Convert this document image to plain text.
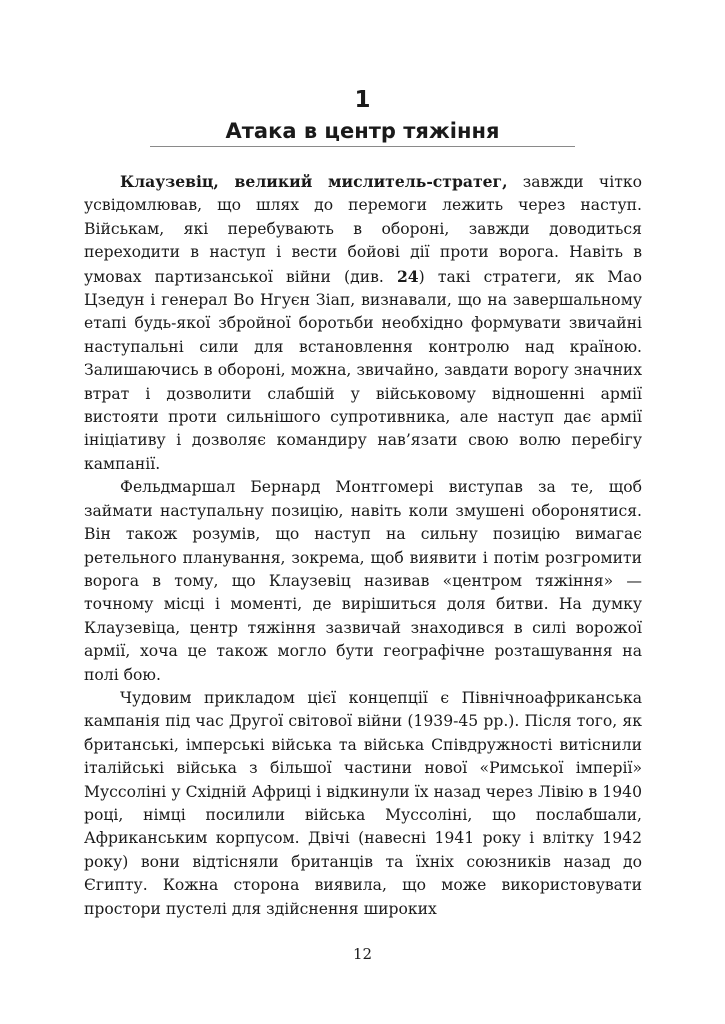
1
Атака в центр тяжіння

Клаузевіц, великий мислитель-стратег, завжди чітко усвідомлював, що шлях до перемоги лежить через наступ. Військам, які перебувають в обороні, завжди доводиться переходити в наступ і вести бойові дії проти ворога. Навіть в умовах партизанської війни (див. 24) такі стратеги, як Мао Цзедун і генерал Во Нгуєн Зіап, визнавали, що на завершальному етапі будь-якої збройної боротьби необхідно формувати звичайні наступальні сили для встановлення контролю над країною. Залишаючись в обороні, можна, звичайно, завдати ворогу значних втрат і дозволити слабшій у військовому відношенні армії вистояти проти сильнішого супротивника, але наступ дає армії ініціативу і дозволяє командиру нав’язати свою волю перебігу кампанії.

Фельдмаршал Бернард Монтгомері виступав за те, щоб займати наступальну позицію, навіть коли змушені оборонятися. Він також розумів, що наступ на сильну позицію вимагає ретельного планування, зокрема, щоб виявити і потім розгромити ворога в тому, що Клаузевіц називав «центром тяжіння» — точному місці і моменті, де вирішиться доля битви. На думку Клаузевіца, центр тяжіння зазвичай знаходився в силі ворожої армії, хоча це також могло бути географічне розташування на полі бою.

Чудовим прикладом цієї концепції є Північноафриканська кампанія під час Другої світової війни (1939-45 рр.). Після того, як британські, імперські війська та війська Співдружності витіснили італійські війська з більшої частини нової «Римської імперії» Муссоліні у Східній Африці і відкинули їх назад через Лівію в 1940 році, німці посилили війська Муссоліні, що послабшали, Африканським корпусом. Двічі (навесні 1941 року і влітку 1942 року) вони відтісняли британців та їхніх союзників назад до Єгипту. Кожна сторона виявила, що може використовувати простори пустелі для здійснення широких

12
